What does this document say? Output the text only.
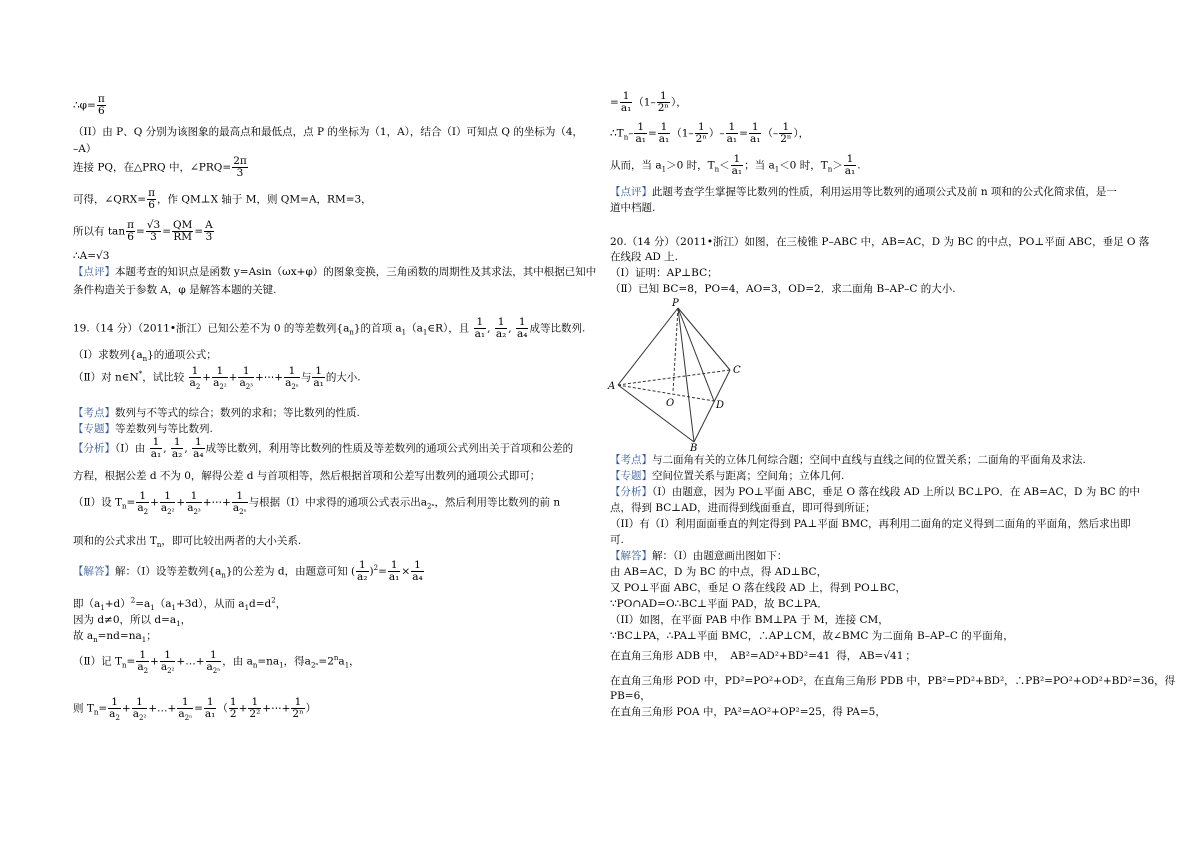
∴φ= $\frac{\pi}{6}$
（II）由 P、Q 分别为该图象的最高点和最低点，点 P 的坐标为（1，A），结合（I）可知点 Q 的坐标为（4，
–A）
连接 PQ，在△PRQ 中，∠PRQ= $\frac{2\pi}{3}$
可得，∠QRX= $\frac{\pi}{6}$ ，作 QM⊥X 轴于 M，则 QM=A，RM=3，
所以有 $\tan \frac{\pi}{6} = \frac{√3}{3} = \frac{QM}{RM} = \frac{A}{3}$
∴A=√3
【点评】本题考查的知识点是函数 y=Asin（ωx+φ）的图象变换，三角函数的周期性及其求法，其中根据已知中
条件构造关于参数 A，φ 是解答本题的关键.
19.（14 分）（2011•浙江）已知公差不为 0 的等差数列$\{a_n\}$的首项 $a_1(a_1\in R)$，且 $\frac{1}{\text{a₁}}$ , $\frac{1}{\text{a₂}}$ , $\frac{1}{\text{a₄}}$ 成等比数列.
（Ⅰ）求数列$\{a_n\}$的通项公式；
（Ⅱ）对 n∈N*，试比较 $\frac{1}{a_2} + \frac{1}{a_{2^2}} + \frac{1}{a_{2^3}}$ +⋯+ $\frac{1}{a_{2^n}}$ 与 $\frac{1}{\text{a₁}}$ 的大小.
【考点】数列与不等式的综合；数列的求和；等比数列的性质.
【专题】等差数列与等比数列.
【分析】（Ⅰ）由 $\frac{1}{\text{a₁}}$ , $\frac{1}{\text{a₂}}$ , $\frac{1}{\text{a₄}}$ 成等比数列，利用等比数列的性质及等差数列的通项公式列出关于首项和公差的
方程，根据公差 d 不为 0，解得公差 d 与首项相等，然后根据首项和公差写出数列的通项公式即可；
（Ⅱ）设 $T_n= \frac{1}{a_2} + \frac{1}{a_{2^2}} + \frac{1}{a_{2^3}}$ +⋯+ $\frac{1}{a_{2^n}}$ 与根据（Ⅰ）中求得的通项公式表示出$a_{2^n}$，然后利用等比数列的前 n
项和的公式求出 $T_n$，即可比较出两者的大小关系.
【解答】解：（Ⅰ）设等差数列$\{a_n\}$的公差为 d，由题意可知 ( $\frac{1}{\text{a₂}} )^2= \frac{1}{\text{a₁}} \times \frac{1}{\text{a₄}}$
即$(a_1+d)^2=a_1(a_1+3d)$，从而 $a_1d=d^2$，
因为 d≠0，所以 $d=a_1$，
故 $a_n=nd=na_1$；
（Ⅱ）记 $T_n= \frac{1}{a_2} + \frac{1}{a_{2^2}}$ +…+ $\frac{1}{a_{2^n}}$ ，由 $a_n=na_1$，得$a_{2^n}=2^na_1$，
则 $T_n= \frac{1}{a_2} + \frac{1}{a_{2^2}}$ +…+ $\frac{1}{a_{2^n}} = \frac{1}{\text{a₁}}$ （ $\frac{1}{2} + \frac{1}{\text{2²}}$ +⋯+ $\frac{1}{\text{2ⁿ}}$ ）
= $\frac{1}{\text{a₁}} (1- \frac{1}{\text{2ⁿ}}$ ），
$\therefore T_n- \frac{1}{\text{a₁}} = \frac{1}{\text{a₁}} (1- \frac{1}{\text{2ⁿ}}$ ）– $\frac{1}{\text{a₁}} = \frac{1}{\text{a₁}}$ （– $\frac{1}{\text{2ⁿ}}$ ），
从而，当 $a_1>0$ 时，$T_n< \frac{1}{\text{a₁}}$ ；当 $a_1<0$ 时，$T_n> \frac{1}{\text{a₁}}$ .
【点评】此题考查学生掌握等比数列的性质，利用运用等比数列的通项公式及前 n 项和的公式化简求值，是一
道中档题.
20.（14 分）（2011•浙江）如图，在三棱锥 P–ABC 中，AB=AC，D 为 BC 的中点，PO⊥平面 ABC，垂足 O 落
在线段 AD 上.
（Ⅰ）证明：AP⊥BC；
（Ⅱ）已知 BC=8，PO=4，AO=3，OD=2．求二面角 B–AP–C 的大小.
P
A
B
C
D
O
【考点】与二面角有关的立体几何综合题；空间中直线与直线之间的位置关系；二面角的平面角及求法.
【专题】空间位置关系与距离；空间角；立体几何.
【分析】（I）由题意，因为 PO⊥平面 ABC，垂足 O 落在线段 AD 上所以 BC⊥PO．在 AB=AC，D 为 BC 的中
点，得到 BC⊥AD，进而得到线面垂直，即可得到所证；
（II）有（I）利用面面垂直的判定得到 PA⊥平面 BMC，再利用二面角的定义得到二面角的平面角，然后求出即
可.
【解答】解：（I）由题意画出图如下：
由 AB=AC，D 为 BC 的中点，得 AD⊥BC，
又 PO⊥平面 ABC，垂足 O 落在线段 AD 上，得到 PO⊥BC，
∵PO∩AD=O∴BC⊥平面 PAD，故 BC⊥PA．
（II）如图，在平面 PAB 中作 BM⊥PA 于 M，连接 CM，
∵BC⊥PA，∴PA⊥平面 BMC，∴AP⊥CM，故∠BMC 为二面角 B–AP–C 的平面角，
在直角三角形 ADB 中， AB²=AD²+BD²=41 得， AB=√41 ；
在直角三角形 POD 中，PD²=PO²+OD²，在直角三角形 PDB 中，PB²=PD²+BD²，∴PB²=PO²+OD²+BD²=36，得
PB=6，
在直角三角形 POA 中，PA²=AO²+OP²=25，得 PA=5，
